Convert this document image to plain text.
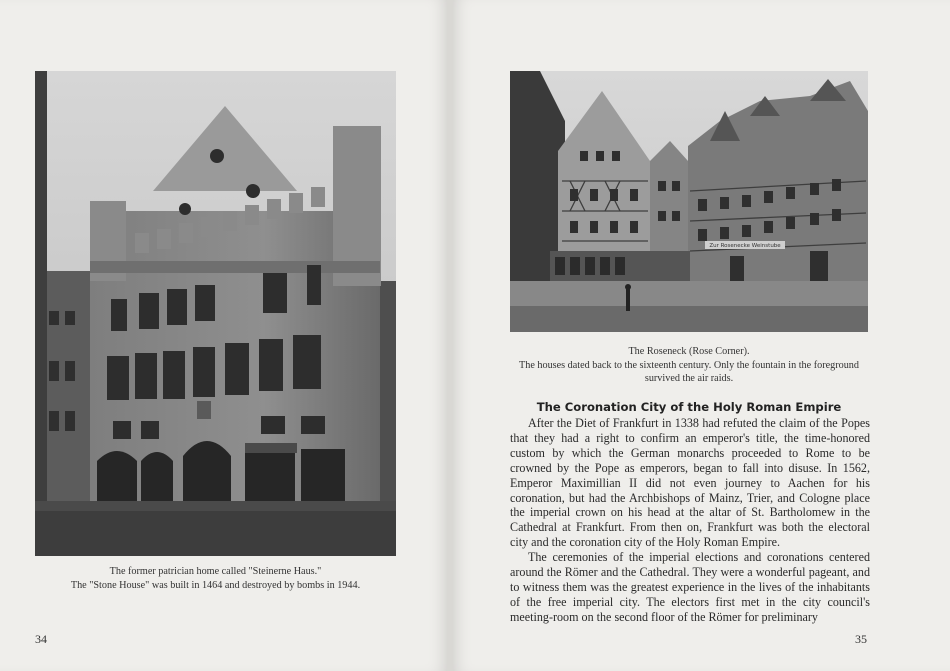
The former patrician home called "Steinerne Haus."
The "Stone House" was built in 1464 and destroyed by bombs in 1944.
34
Zur Rosenecke Weinstube
The Roseneck (Rose Corner).
The houses dated back to the sixteenth century. Only the fountain in the foreground
survived the air raids.
The Coronation City of the Holy Roman Empire

After the Diet of Frankfurt in 1338 had refuted the claim of the Popes that they had a right to confirm an emperor's title, the time-honored custom by which the German monarchs proceeded to Rome to be crowned by the Pope as emperors, began to fall into disuse. In 1562, Emperor Maximillian II did not even journey to Aachen for his coronation, but had the Archbishops of Mainz, Trier, and Cologne place the imperial crown on his head at the altar of St. Bartholomew in the Cathedral at Frankfurt. From then on, Frankfurt was both the electoral city and the coronation city of the Holy Roman Empire.

The ceremonies of the imperial elections and coronations centered around the Römer and the Cathedral. They were a wonderful pageant, and to witness them was the greatest experience in the lives of the inhabitants of the free imperial city. The electors first met in the city council's meeting-room on the second floor of the Römer for preliminary

35
